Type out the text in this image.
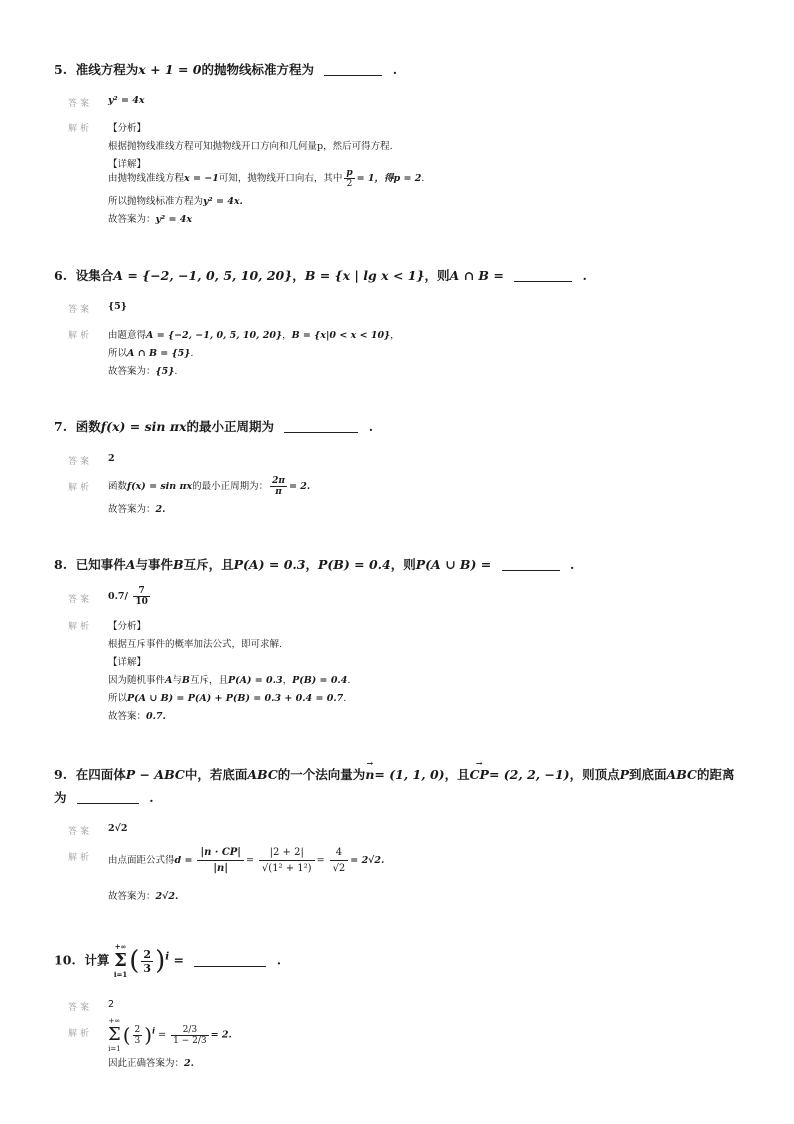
5. 准线方程为x + 1 = 0的抛物线标准方程为	.
答案 y² = 4x
解析 【分析】
根据抛物线准线方程可知抛物线开口方向和几何量p，然后可得方程.
【详解】
由抛物线准线方程x = −1可知，抛物线开口向右，其中 $\frac{p}{2} = 1$，得p = 2.
所以抛物线标准方程为y² = 4x.
故答案为：y² = 4x
6. 设集合A = {−2, −1, 0, 5, 10, 20}，B = {x | lg x < 1}，则A ∩ B =	.
答案 {5}
解析 由题意得A = {−2, −1, 0, 5, 10, 20}，B = {x|0 < x < 10}，
所以A ∩ B = {5}.
故答案为：{5}.
7. 函数f(x) = sin πx的最小正周期为	.
答案 2
解析 函数f(x) = sin πx的最小正周期为： $\frac{2\pi}{\pi} = 2$.
故答案为：2.
8. 已知事件A与事件B互斥，且P(A) = 0.3，P(B) = 0.4，则P(A ∪ B) =	.
答案 $0.7/ \frac{7}{10}$
解析 【分析】
根据互斥事件的概率加法公式，即可求解.
【详解】
因为随机事件A与B互斥，且P(A) = 0.3，P(B) = 0.4.
所以P(A ∪ B) = P(A) + P(B) = 0.3 + 0.4 = 0.7.
故答案：0.7.
9. 在四面体P − ABC中，若底面ABC的一个法向量为→ n= (1, 1, 0)，且→ CP= (2, 2, −1)，则顶点P到底面ABC的距离
为	.
答案 2√2
解析 由点面距公式得$d = \frac{|n \cdot CP|}{|n|} = \frac{|2 + 2|}{\text{√(1² + 1²)}} = \frac{4}{√2} = 2√2$.
故答案为：2√2.
10. 计算
+∞
Σ
i=1 ( $\frac{2}{3} )^i$ =	.
答案 2
解析
+∞
Σ
i=1
( $\frac{2}{3} )^i = \frac{2/3}{1 - 2/3} = 2$.
因此正确答案为：2.
